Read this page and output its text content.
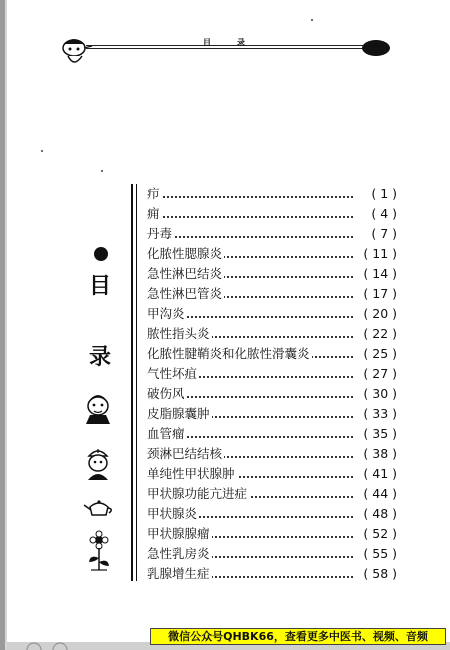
目	录
目
录
疖	( 1 )
痈	( 4 )
丹毒	( 7 )
化脓性腮腺炎	( 11 )
急性淋巴结炎	( 14 )
急性淋巴管炎	( 17 )
甲沟炎	( 20 )
脓性指头炎	( 22 )
化脓性腱鞘炎和化脓性滑囊炎	( 25 )
气性坏疽	( 27 )
破伤风	( 30 )
皮脂腺囊肿	( 33 )
血管瘤	( 35 )
颈淋巴结结核	( 38 )
单纯性甲状腺肿	( 41 )
甲状腺功能亢进症	( 44 )
甲状腺炎	( 48 )
甲状腺腺瘤	( 52 )
急性乳房炎	( 55 )
乳腺增生症	( 58 )
微信公众号QHBK66，查看更多中医书、视频、音频
